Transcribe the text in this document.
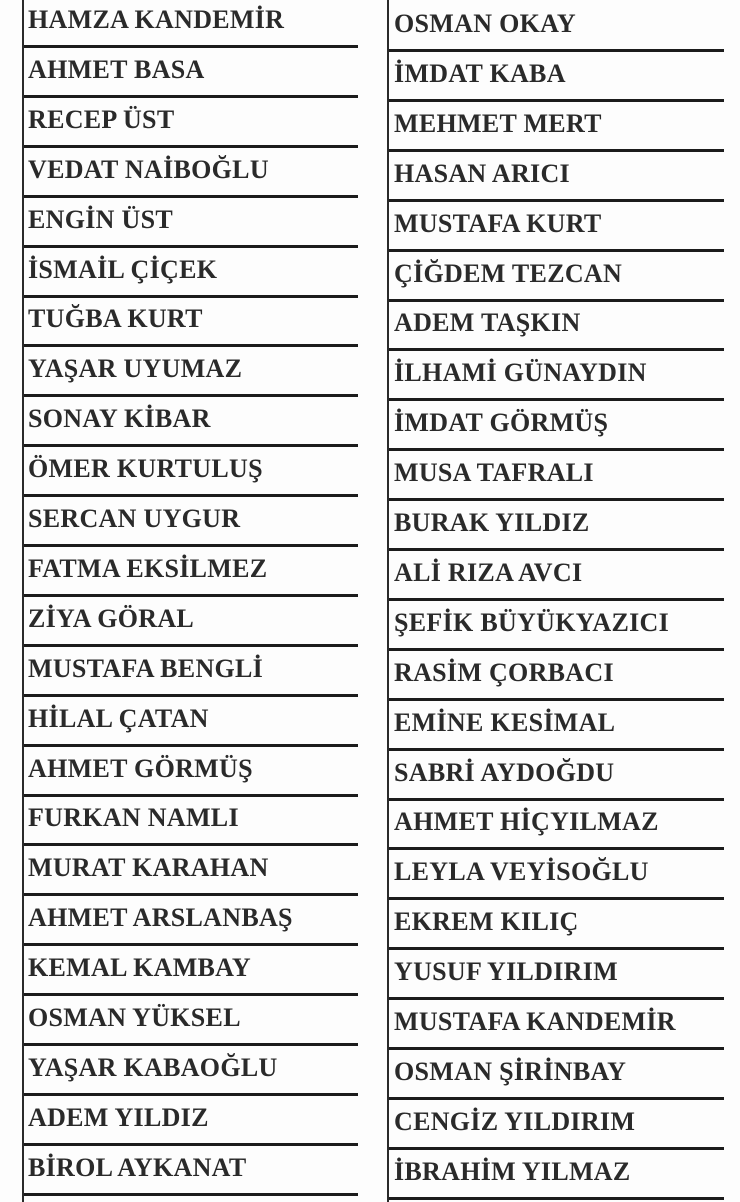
HAMZA KANDEMİR
AHMET BASA
RECEP ÜST
VEDAT NAİBOĞLU
ENGİN ÜST
İSMAİL ÇİÇEK
TUĞBA KURT
YAŞAR UYUMAZ
SONAY KİBAR
ÖMER KURTULUŞ
SERCAN UYGUR
FATMA EKSİLMEZ
ZİYA GÖRAL
MUSTAFA BENGLİ
HİLAL ÇATAN
AHMET GÖRMÜŞ
FURKAN NAMLI
MURAT KARAHAN
AHMET ARSLANBAŞ
KEMAL KAMBAY
OSMAN YÜKSEL
YAŞAR KABAOĞLU
ADEM YILDIZ
BİROL AYKANAT
OSMAN OKAY
İMDAT KABA
MEHMET MERT
HASAN ARICI
MUSTAFA KURT
ÇİĞDEM TEZCAN
ADEM TAŞKIN
İLHAMİ GÜNAYDIN
İMDAT GÖRMÜŞ
MUSA TAFRALI
BURAK YILDIZ
ALİ RIZA AVCI
ŞEFİK BÜYÜKYAZICI
RASİM ÇORBACI
EMİNE KESİMAL
SABRİ AYDOĞDU
AHMET HİÇYILMAZ
LEYLA VEYİSOĞLU
EKREM KILIÇ
YUSUF YILDIRIM
MUSTAFA KANDEMİR
OSMAN ŞİRİNBAY
CENGİZ YILDIRIM
İBRAHİM YILMAZ
